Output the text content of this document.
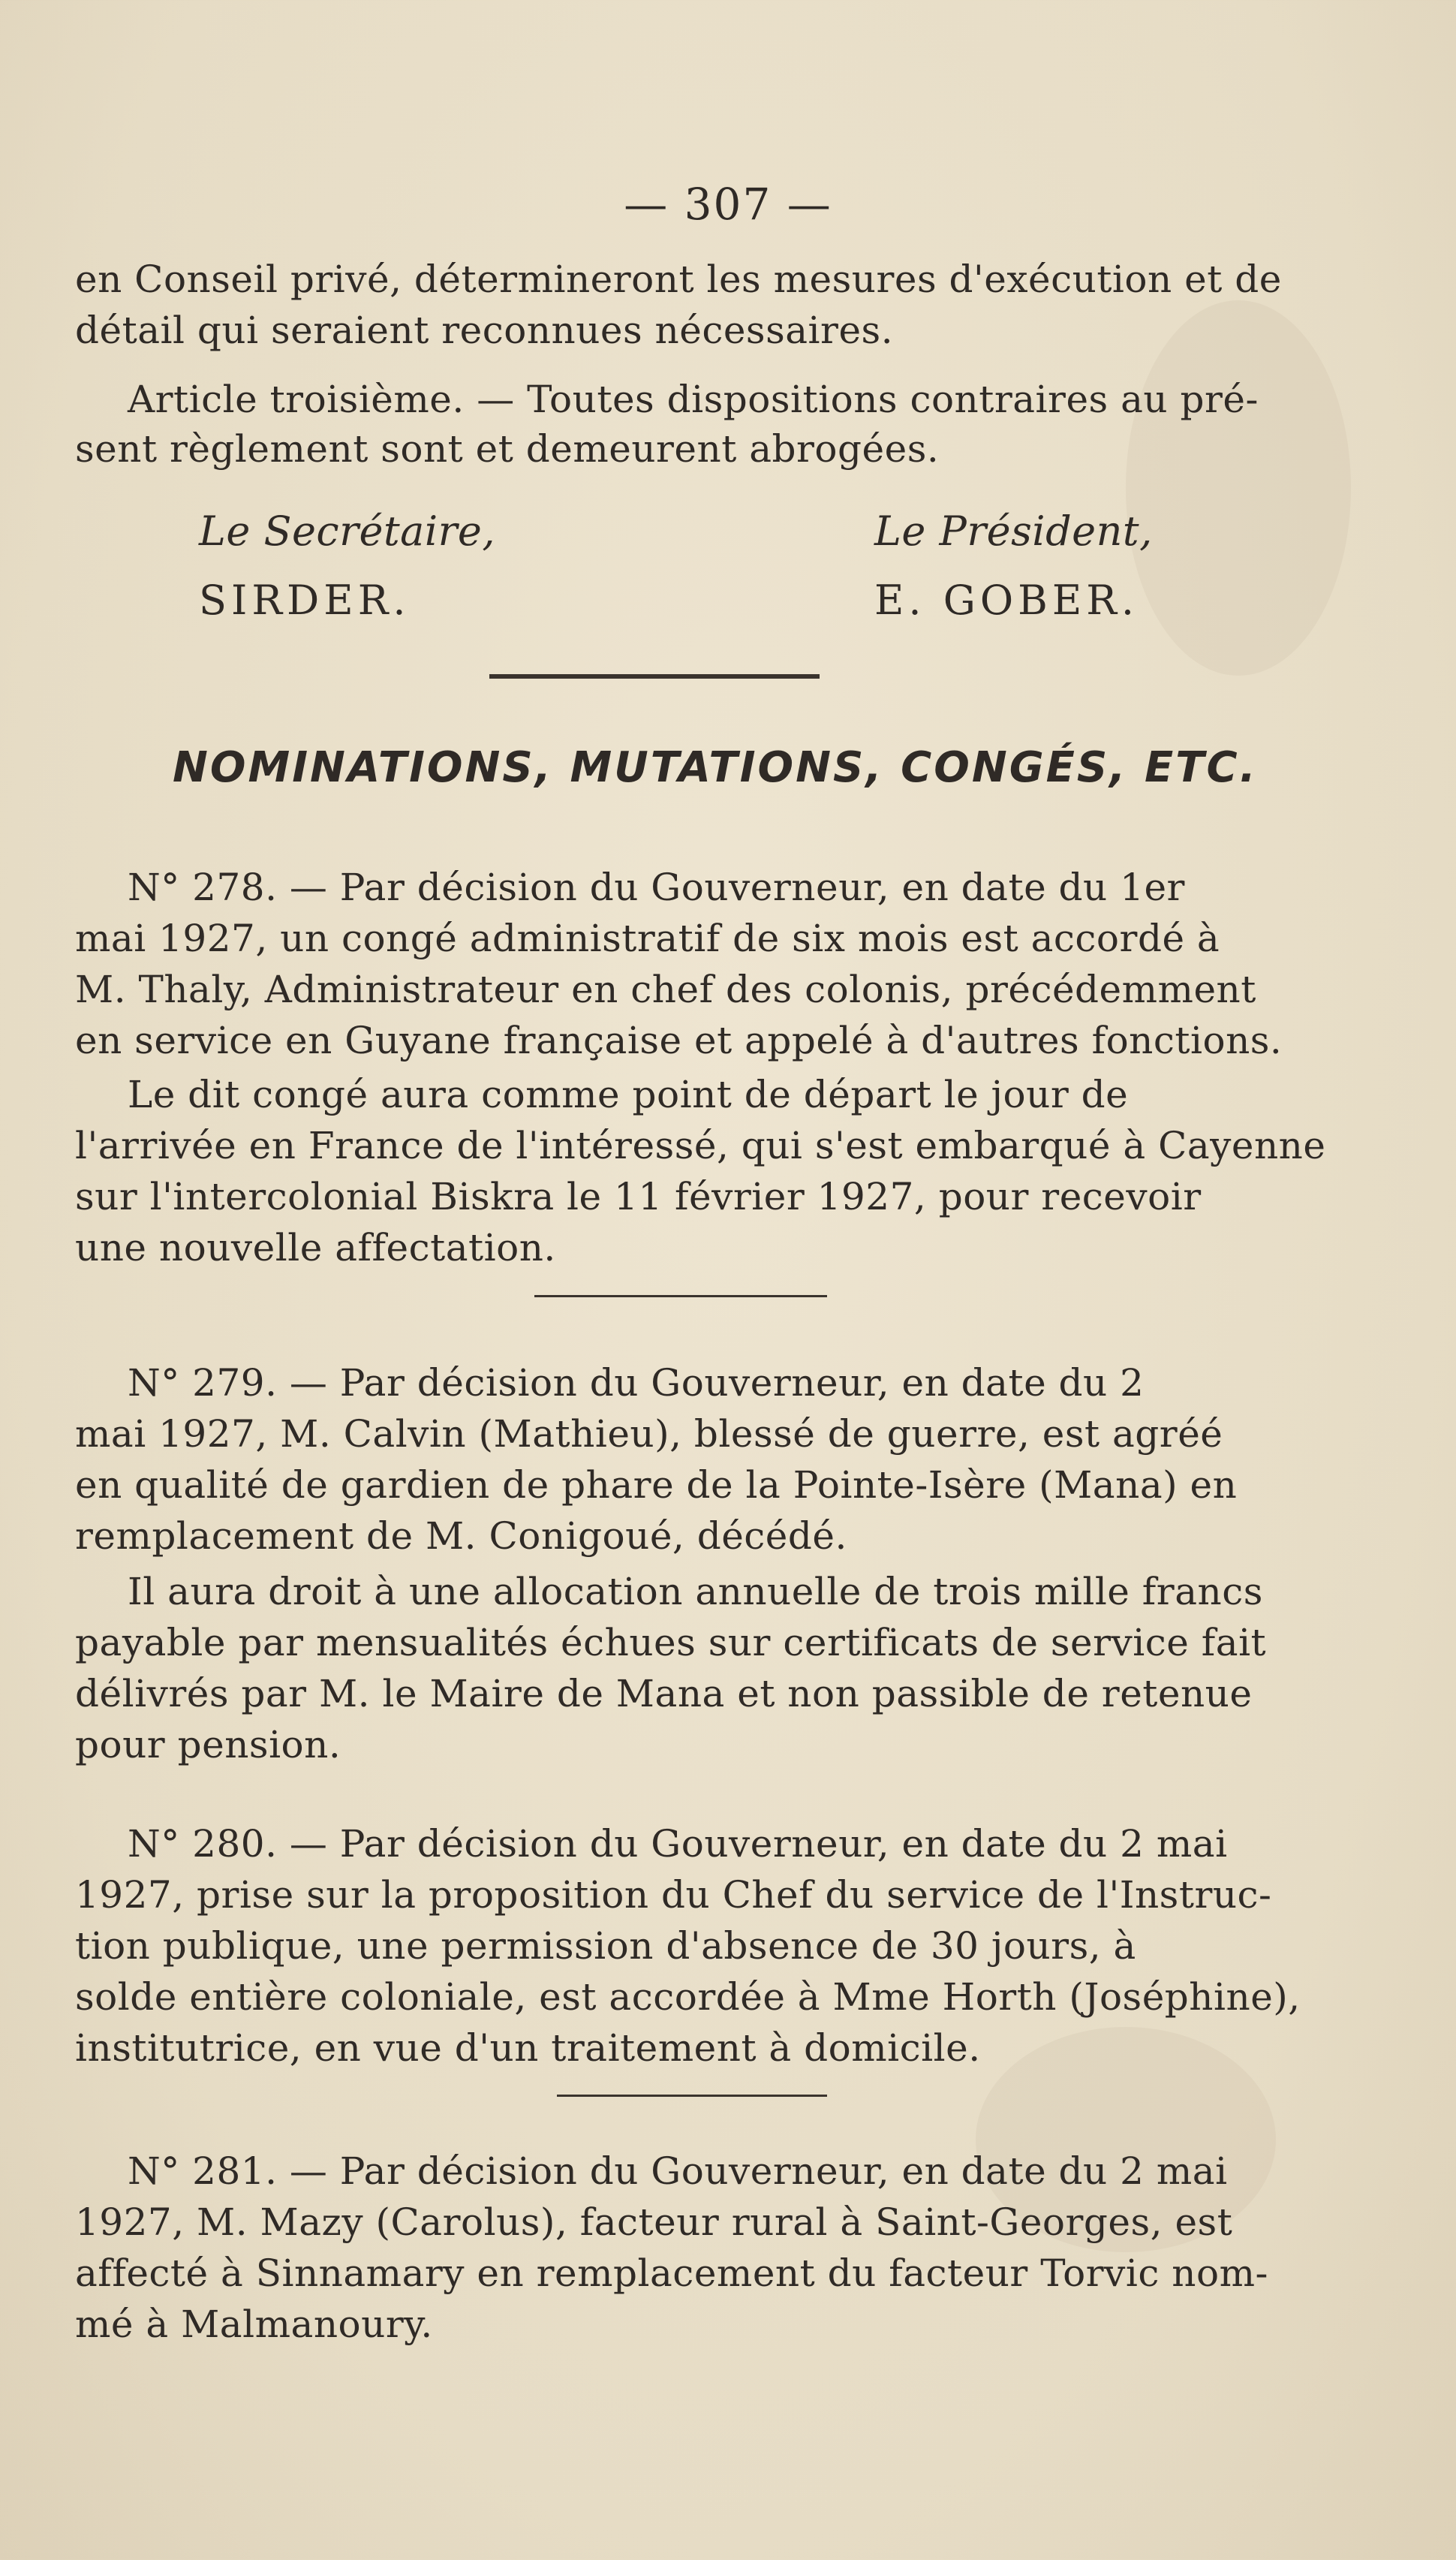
— 307 —
en Conseil privé, détermineront les mesures d'exécution et de
détail qui seraient reconnues nécessaires.
Article troisième. — Toutes dispositions contraires au pré-
sent règlement sont et demeurent abrogées.
Le Secrétaire,	Le Président,
SIRDER.	E. GOBER.
NOMINATIONS, MUTATIONS, CONGÉS, ETC.
N° 278. — Par décision du Gouverneur, en date du 1er
mai 1927, un congé administratif de six mois est accordé à
M. Thaly, Administrateur en chef des colonis, précédemment
en service en Guyane française et appelé à d'autres fonctions.
Le dit congé aura comme point de départ le jour de
l'arrivée en France de l'intéressé, qui s'est embarqué à Cayenne
sur l'intercolonial Biskra le 11 février 1927, pour recevoir
une nouvelle affectation.
N° 279. — Par décision du Gouverneur, en date du 2
mai 1927, M. Calvin (Mathieu), blessé de guerre, est agréé
en qualité de gardien de phare de la Pointe-Isère (Mana) en
remplacement de M. Conigoué, décédé.
Il aura droit à une allocation annuelle de trois mille francs
payable par mensualités échues sur certificats de service fait
délivrés par M. le Maire de Mana et non passible de retenue
pour pension.
N° 280. — Par décision du Gouverneur, en date du 2 mai
1927, prise sur la proposition du Chef du service de l'Instruc-
tion publique, une permission d'absence de 30 jours, à
solde entière coloniale, est accordée à Mme Horth (Joséphine),
institutrice, en vue d'un traitement à domicile.
N° 281. — Par décision du Gouverneur, en date du 2 mai
1927, M. Mazy (Carolus), facteur rural à Saint-Georges, est
affecté à Sinnamary en remplacement du facteur Torvic nom-
mé à Malmanoury.
